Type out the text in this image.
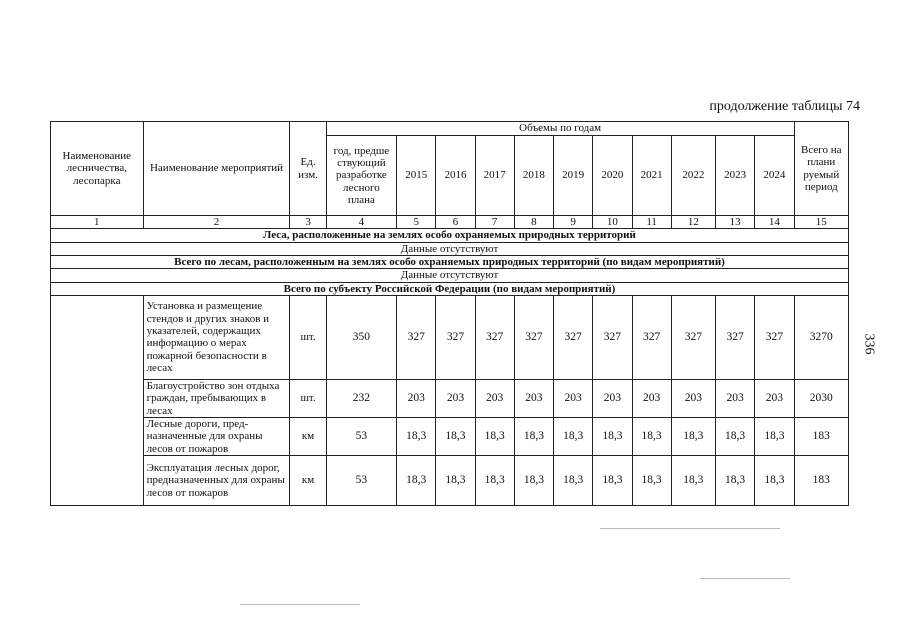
продолжение таблицы 74
336
Наименование лесничества, лесопарка	Наименование мероприятий	Ед. изм.	Объемы по годам											Всего на плани руемый период
			год, предше ствующий разработке лесного плана	2015	2016	2017	2018	2019	2020	2021	2022	2023	2024	
1	2	3	4	5	6	7	8	9	10	11	12	13	14	15
Леса, расположенные на землях особо охраняемых природных территорий														
Данные отсутствуют														
Всего по лесам, расположенным на землях особо охраняемых природных территорий (по видам мероприятий)														
Данные отсутствуют														
Всего по субъекту Российской Федерации (по видам мероприятий)														
	Установка и размещение стендов и других знаков и указателей, содержащих информацию о мерах пожарной безопасности в лесах	шт.	350	327	327	327	327	327	327	327	327	327	327	3270
	Благоустройство зон отдыха граждан, пребывающих в лесах	шт.	232	203	203	203	203	203	203	203	203	203	203	2030
	Лесные дороги, пред-назначенные для охраны лесов от пожаров	км	53	18,3	18,3	18,3	18,3	18,3	18,3	18,3	18,3	18,3	18,3	183
	Эксплуатация лесных дорог, предназначенных для охраны лесов от пожаров	км	53	18,3	18,3	18,3	18,3	18,3	18,3	18,3	18,3	18,3	18,3	183
